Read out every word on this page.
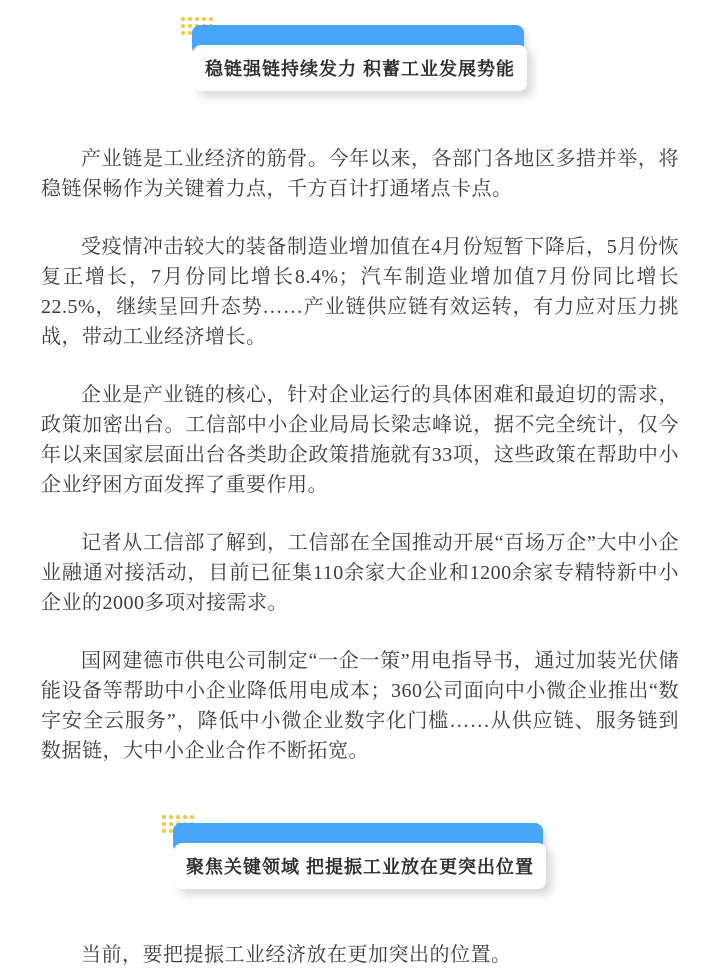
稳链强链持续发力 积蓄工业发展势能

产业链是工业经济的筋骨。今年以来，各部门各地区多措并举，将稳链保畅作为关键着力点，千方百计打通堵点卡点。

受疫情冲击较大的装备制造业增加值在4月份短暂下降后，5月份恢复正增长，7月份同比增长8.4%；汽车制造业增加值7月份同比增长22.5%，继续呈回升态势……产业链供应链有效运转，有力应对压力挑战，带动工业经济增长。

企业是产业链的核心，针对企业运行的具体困难和最迫切的需求，政策加密出台。工信部中小企业局局长梁志峰说，据不完全统计，仅今年以来国家层面出台各类助企政策措施就有33项，这些政策在帮助中小企业纾困方面发挥了重要作用。

记者从工信部了解到，工信部在全国推动开展“百场万企”大中小企业融通对接活动，目前已征集110余家大企业和1200余家专精特新中小企业的2000多项对接需求。

国网建德市供电公司制定“一企一策”用电指导书，通过加装光伏储能设备等帮助中小企业降低用电成本；360公司面向中小微企业推出“数字安全云服务”，降低中小微企业数字化门槛……从供应链、服务链到数据链，大中小企业合作不断拓宽。

聚焦关键领域 把提振工业放在更突出位置

当前，要把提振工业经济放在更加突出的位置。
